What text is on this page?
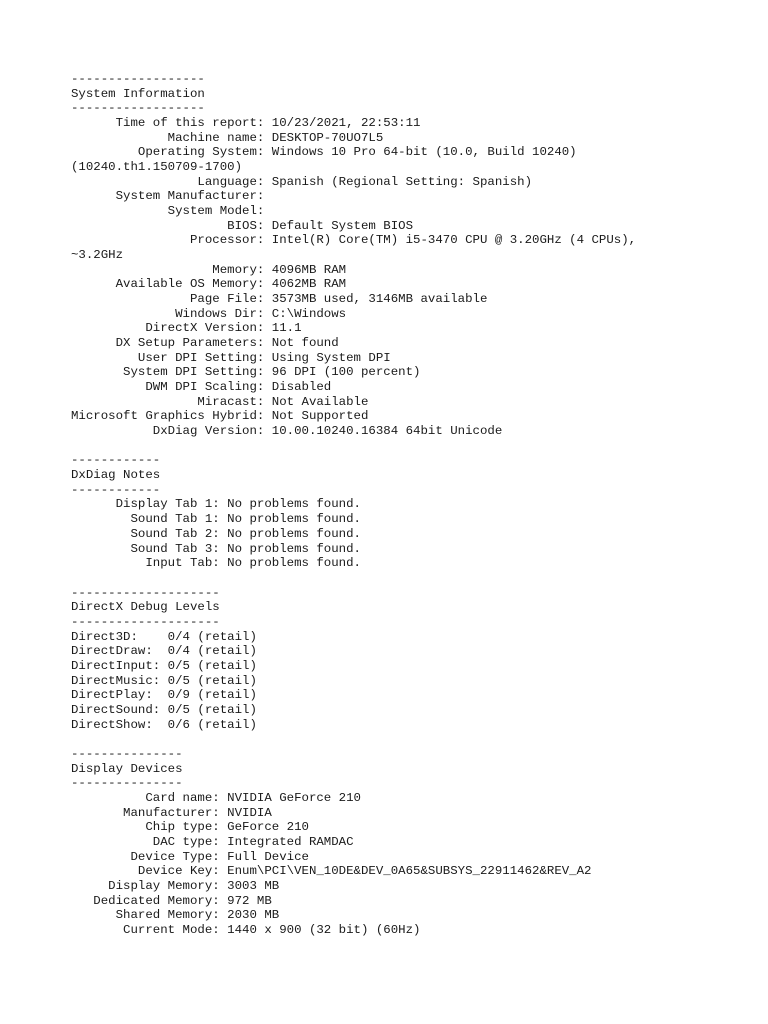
------------------
System Information
------------------
Time of this report: 10/23/2021, 22:53:11
Machine name: DESKTOP-70UO7L5
Operating System: Windows 10 Pro 64-bit (10.0, Build 10240)
(10240.th1.150709-1700)
Language: Spanish (Regional Setting: Spanish)
System Manufacturer:
System Model:
BIOS: Default System BIOS
Processor: Intel(R) Core(TM) i5-3470 CPU @ 3.20GHz (4 CPUs),
~3.2GHz
Memory: 4096MB RAM
Available OS Memory: 4062MB RAM
Page File: 3573MB used, 3146MB available
Windows Dir: C:\Windows
DirectX Version: 11.1
DX Setup Parameters: Not found
User DPI Setting: Using System DPI
System DPI Setting: 96 DPI (100 percent)
DWM DPI Scaling: Disabled
Miracast: Not Available
Microsoft Graphics Hybrid: Not Supported
DxDiag Version: 10.00.10240.16384 64bit Unicode
------------
DxDiag Notes
------------
Display Tab 1: No problems found.
Sound Tab 1: No problems found.
Sound Tab 2: No problems found.
Sound Tab 3: No problems found.
Input Tab: No problems found.
--------------------
DirectX Debug Levels
--------------------
Direct3D:    0/4 (retail)
DirectDraw:  0/4 (retail)
DirectInput: 0/5 (retail)
DirectMusic: 0/5 (retail)
DirectPlay:  0/9 (retail)
DirectSound: 0/5 (retail)
DirectShow:  0/6 (retail)
---------------
Display Devices
---------------
Card name: NVIDIA GeForce 210
Manufacturer: NVIDIA
Chip type: GeForce 210
DAC type: Integrated RAMDAC
Device Type: Full Device
Device Key: Enum\PCI\VEN_10DE&DEV_0A65&SUBSYS_22911462&REV_A2
Display Memory: 3003 MB
Dedicated Memory: 972 MB
Shared Memory: 2030 MB
Current Mode: 1440 x 900 (32 bit) (60Hz)
